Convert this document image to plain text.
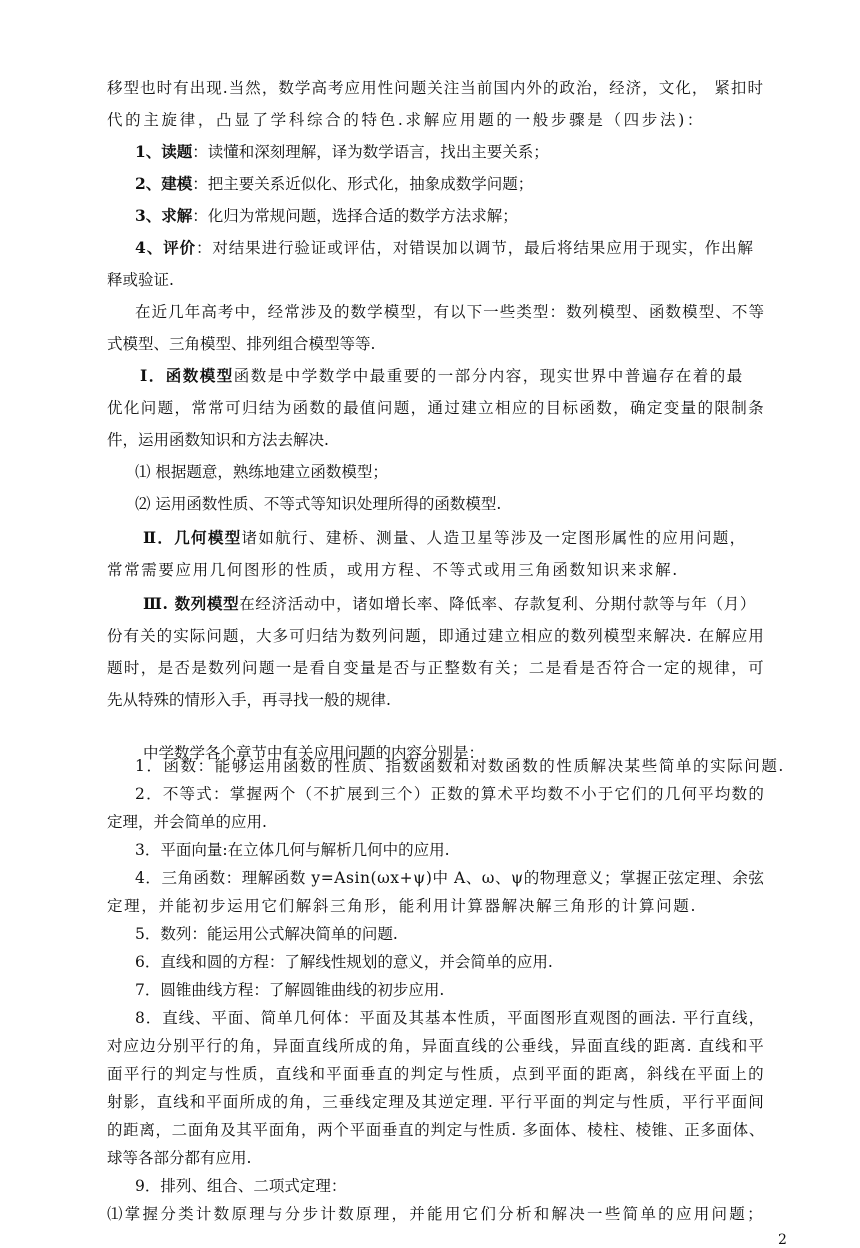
移型也时有出现.当然，数学高考应用性问题关注当前国内外的政治，经济，文化， 紧扣时
代的主旋律，凸显了学科综合的特色.求解应用题的一般步骤是（四步法)：
1、读题：读懂和深刻理解，译为数学语言，找出主要关系；
2、建模：把主要关系近似化、形式化，抽象成数学问题；
3、求解：化归为常规问题，选择合适的数学方法求解；
4、评价：对结果进行验证或评估，对错误加以调节，最后将结果应用于现实，作出解
释或验证.
在近几年高考中，经常涉及的数学模型，有以下一些类型：数列模型、函数模型、不等
式模型、三角模型、排列组合模型等等.
Ⅰ．函数模型函数是中学数学中最重要的一部分内容，现实世界中普遍存在着的最
优化问题，常常可归结为函数的最值问题，通过建立相应的目标函数，确定变量的限制条
件，运用函数知识和方法去解决.
⑴ 根据题意，熟练地建立函数模型；
⑵ 运用函数性质、不等式等知识处理所得的函数模型.
Ⅱ．几何模型诸如航行、建桥、测量、人造卫星等涉及一定图形属性的应用问题，
常常需要应用几何图形的性质，或用方程、不等式或用三角函数知识来求解.
Ⅲ. 数列模型在经济活动中，诸如增长率、降低率、存款复利、分期付款等与年（月）
份有关的实际问题，大多可归结为数列问题，即通过建立相应的数列模型来解决. 在解应用
题时，是否是数列问题一是看自变量是否与正整数有关；二是看是否符合一定的规律，可
先从特殊的情形入手，再寻找一般的规律.
中学数学各个章节中有关应用问题的内容分别是：
1．函数：能够运用函数的性质、指数函数和对数函数的性质解决某些简单的实际问题.
2．不等式：掌握两个（不扩展到三个）正数的算术平均数不小于它们的几何平均数的
定理，并会简单的应用.
3．平面向量:在立体几何与解析几何中的应用.
4．三角函数：理解函数 y=Asin(ωx+ψ)中 A、ω、ψ的物理意义；掌握正弦定理、余弦
定理，并能初步运用它们解斜三角形，能利用计算器解决解三角形的计算问题.
5．数列：能运用公式解决简单的问题.
6．直线和圆的方程：了解线性规划的意义，并会简单的应用.
7．圆锥曲线方程：了解圆锥曲线的初步应用.
8．直线、平面、简单几何体：平面及其基本性质，平面图形直观图的画法. 平行直线，
对应边分别平行的角，异面直线所成的角，异面直线的公垂线，异面直线的距离. 直线和平
面平行的判定与性质，直线和平面垂直的判定与性质，点到平面的距离，斜线在平面上的
射影，直线和平面所成的角，三垂线定理及其逆定理. 平行平面的判定与性质，平行平面间
的距离，二面角及其平面角，两个平面垂直的判定与性质. 多面体、棱柱、棱锥、正多面体、
球等各部分都有应用.
9．排列、组合、二项式定理：
⑴掌握分类计数原理与分步计数原理，并能用它们分析和解决一些简单的应用问题；
2
